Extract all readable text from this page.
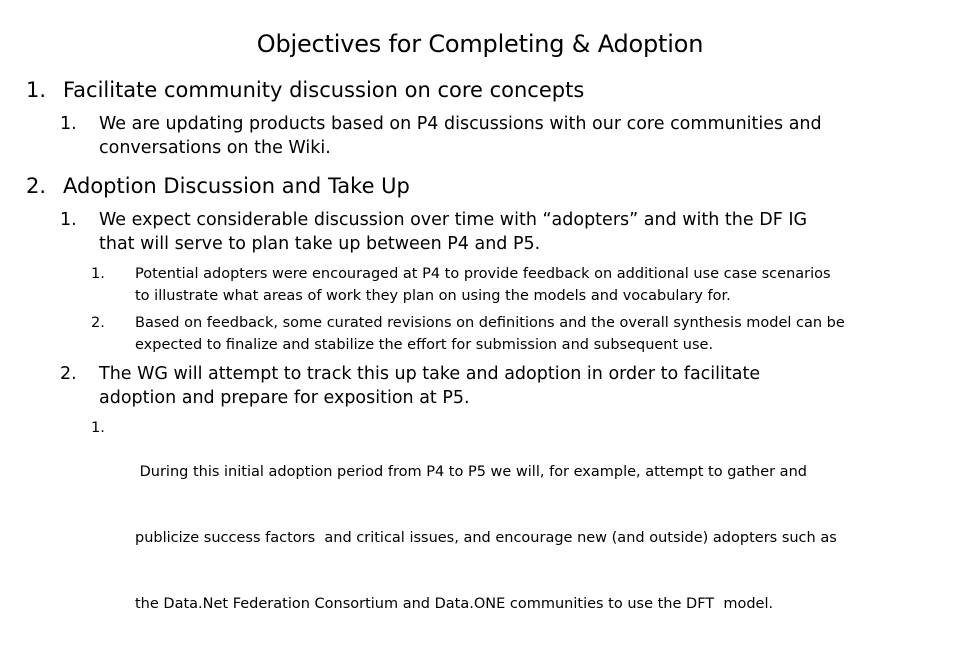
Objectives for Completing & Adoption
1. Facilitate community discussion on core concepts
1. We are updating products based on P4 discussions with our core communities and
conversations on the Wiki.
2. Adoption Discussion and Take Up
1. We expect considerable discussion over time with “adopters” and with the DF IG
that will serve to plan take up between P4 and P5.
1. Potential adopters were encouraged at P4 to provide feedback on additional use case scenarios
to illustrate what areas of work they plan on using the models and vocabulary for.
2. Based on feedback, some curated revisions on definitions and the overall synthesis model can be
expected to finalize and stabilize the effort for submission and subsequent use.
2. The WG will attempt to track this up take and adoption in order to facilitate
adoption and prepare for exposition at P5.
1.

During this initial adoption period from P4 to P5 we will, for example, attempt to gather and

publicize success factors  and critical issues, and encourage new (and outside) adopters such as

the Data.Net Federation Consortium and Data.ONE communities to use the DFT  model.
